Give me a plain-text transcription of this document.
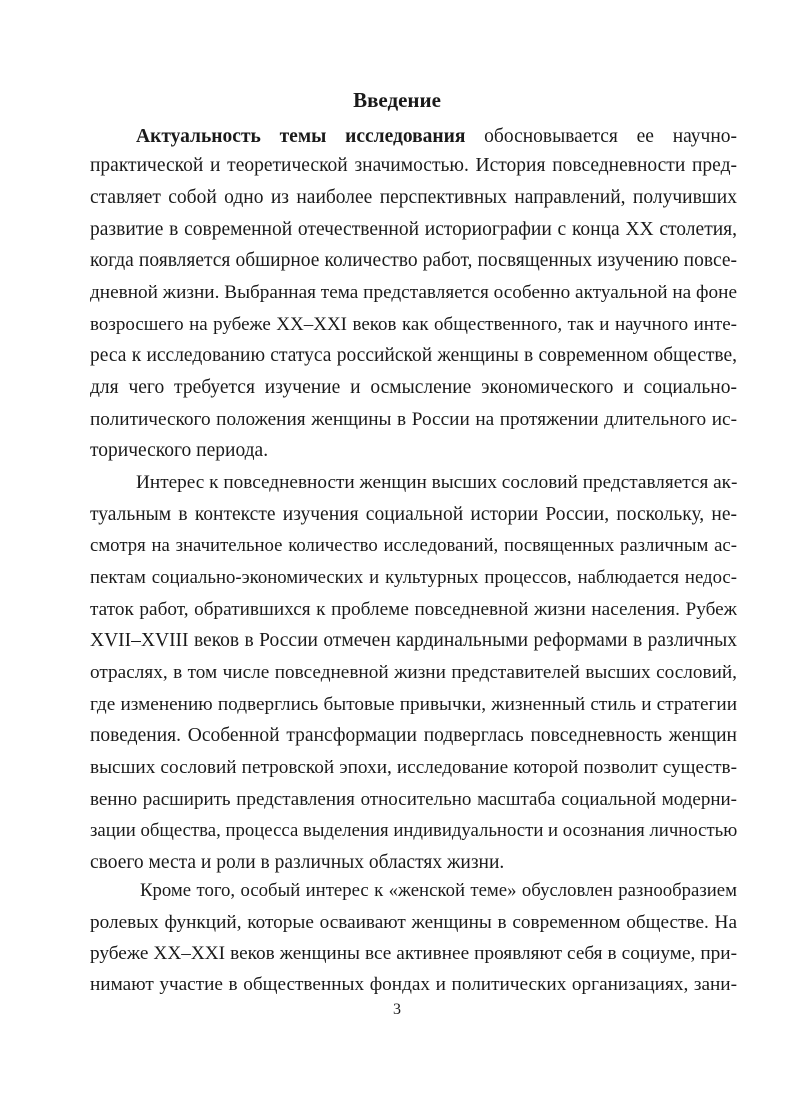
Введение
Актуальность темы исследования обосновывается ее научно-
практической и теоретической значимостью. История повседневности пред-
ставляет собой одно из наиболее перспективных направлений, получивших
развитие в современной отечественной историографии с конца XX столетия,
когда появляется обширное количество работ, посвященных изучению повсе-
дневной жизни. Выбранная тема представляется особенно актуальной на фоне
возросшего на рубеже XX–XXI веков как общественного, так и научного инте-
реса к исследованию статуса российской женщины в современном обществе,
для чего требуется изучение и осмысление экономического и социально-
политического положения женщины в России на протяжении длительного ис-
торического периода.
Интерес к повседневности женщин высших сословий представляется ак-
туальным в контексте изучения социальной истории России, поскольку, не-
смотря на значительное количество исследований, посвященных различным ас-
пектам социально-экономических и культурных процессов, наблюдается недос-
таток работ, обратившихся к проблеме повседневной жизни населения. Рубеж
XVII–XVIII веков в России отмечен кардинальными реформами в различных
отраслях, в том числе повседневной жизни представителей высших сословий,
где изменению подверглись бытовые привычки, жизненный стиль и стратегии
поведения. Особенной трансформации подверглась повседневность женщин
высших сословий петровской эпохи, исследование которой позволит существ-
венно расширить представления относительно масштаба социальной модерни-
зации общества, процесса выделения индивидуальности и осознания личностью
своего места и роли в различных областях жизни.
Кроме того, особый интерес к «женской теме» обусловлен разнообразием
ролевых функций, которые осваивают женщины в современном обществе. На
рубеже XX–XXI веков женщины все активнее проявляют себя в социуме, при-
нимают участие в общественных фондах и политических организациях, зани-
3
